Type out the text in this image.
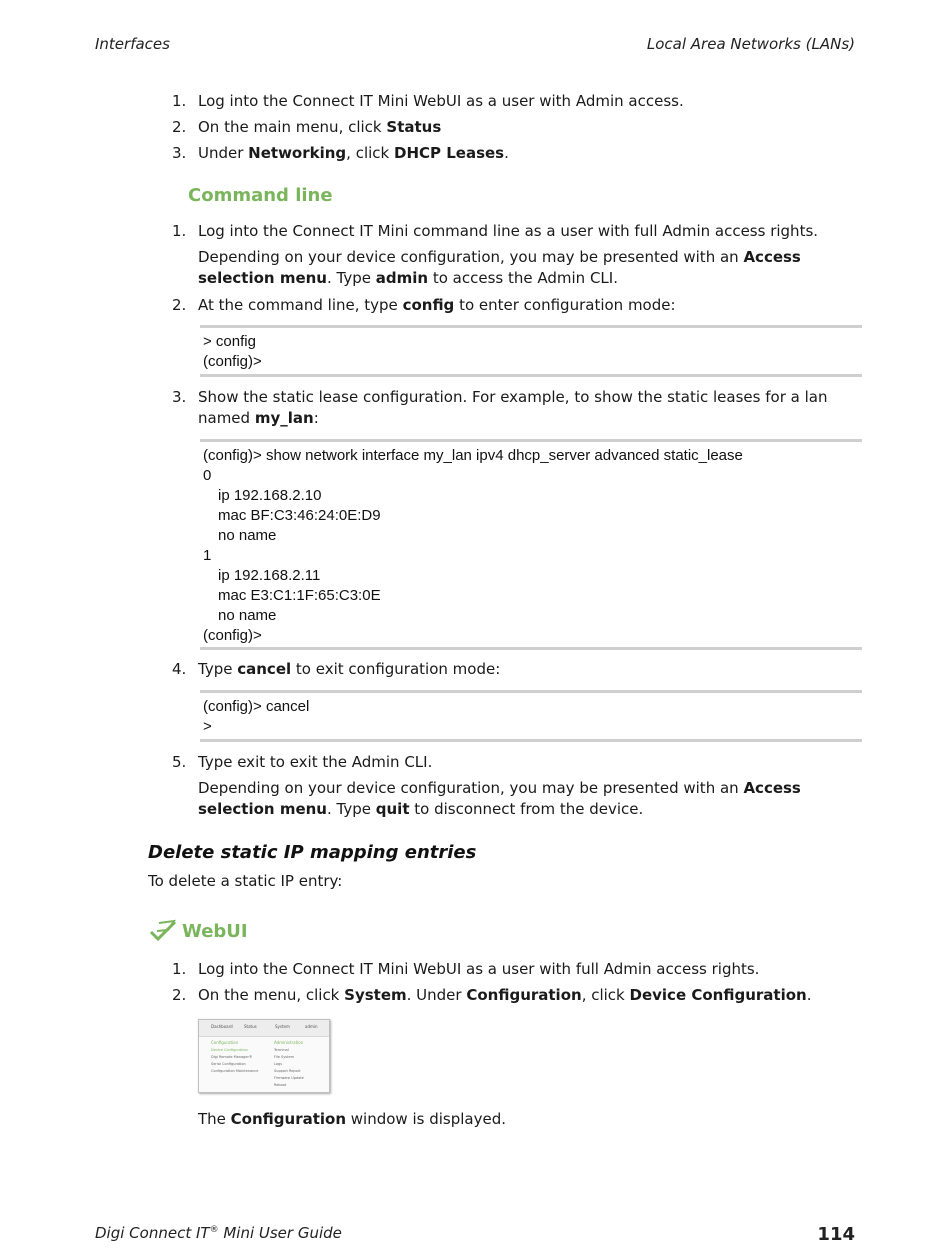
Interfaces	Local Area Networks (LANs)
1. Log into the Connect IT Mini WebUI as a user with Admin access.
2. On the main menu, click Status
3. Under Networking, click DHCP Leases.
Command line
1. Log into the Connect IT Mini command line as a user with full Admin access rights.
Depending on your device configuration, you may be presented with an Access selection menu. Type admin to access the Admin CLI.
2. At the command line, type config to enter configuration mode:
> config
(config)>
3. Show the static lease configuration. For example, to show the static leases for a lan named my_lan:
(config)> show network interface my_lan ipv4 dhcp_server advanced static_lease
0
ip 192.168.2.10
mac BF:C3:46:24:0E:D9
no name
1
ip 192.168.2.11
mac E3:C1:1F:65:C3:0E
no name
(config)>
4. Type cancel to exit configuration mode:
(config)> cancel
>
5. Type exit to exit the Admin CLI.
Depending on your device configuration, you may be presented with an Access selection menu. Type quit to disconnect from the device.
Delete static IP mapping entries
To delete a static IP entry:
WebUI
1. Log into the Connect IT Mini WebUI as a user with full Admin access rights.
2. On the menu, click System. Under Configuration, click Device Configuration.
Dashboard	Status	System	admin
Configuration
Device Configuration
Digi Remote Manager®
Serial Configuration
Configuration Maintenance
Administration
Terminal
File System
Logs
Support Report
Firmware Update
Reboot
The Configuration window is displayed.
Digi Connect IT® Mini User Guide	114
